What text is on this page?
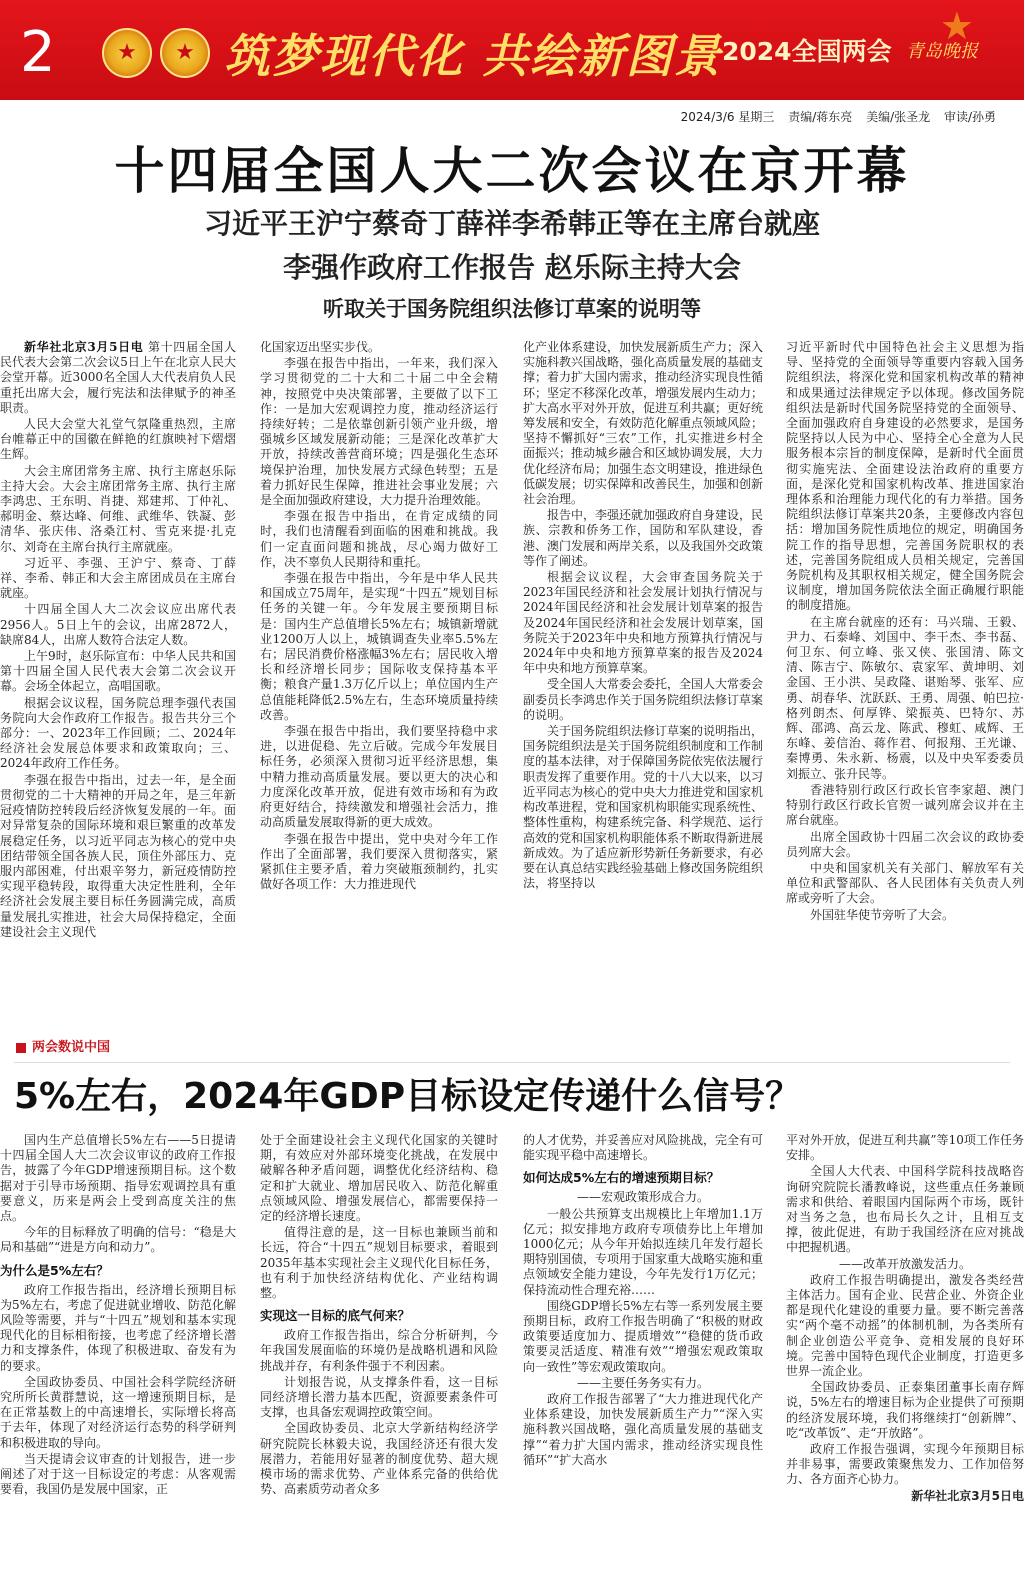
2 ★ ★	筑梦现代化 共绘新图景 2024全国两会 青岛晚报
★
2024/3/6 星期三 责编/蒋东亮 美编/张圣龙 审读/孙勇
十四届全国人大二次会议在京开幕
习近平王沪宁蔡奇丁薛祥李希韩正等在主席台就座
李强作政府工作报告 赵乐际主持大会
听取关于国务院组织法修订草案的说明等

新华社北京3月5日电 第十四届全国人民代表大会第二次会议5日上午在北京人民大会堂开幕。近3000名全国人大代表肩负人民重托出席大会，履行宪法和法律赋予的神圣职责。

人民大会堂大礼堂气氛隆重热烈，主席台帷幕正中的国徽在鲜艳的红旗映衬下熠熠生辉。

大会主席团常务主席、执行主席赵乐际主持大会。大会主席团常务主席、执行主席李鸿忠、王东明、肖捷、郑建邦、丁仲礼、郝明金、蔡达峰、何维、武维华、铁凝、彭清华、张庆伟、洛桑江村、雪克来提·扎克尔、刘奇在主席台执行主席就座。

习近平、李强、王沪宁、蔡奇、丁薛祥、李希、韩正和大会主席团成员在主席台就座。

十四届全国人大二次会议应出席代表2956人。5日上午的会议，出席2872人，缺席84人，出席人数符合法定人数。

上午9时，赵乐际宣布：中华人民共和国第十四届全国人民代表大会第二次会议开幕。会场全体起立，高唱国歌。

根据会议议程，国务院总理李强代表国务院向大会作政府工作报告。报告共分三个部分：一、2023年工作回顾；二、2024年经济社会发展总体要求和政策取向；三、2024年政府工作任务。

李强在报告中指出，过去一年，是全面贯彻党的二十大精神的开局之年，是三年新冠疫情防控转段后经济恢复发展的一年。面对异常复杂的国际环境和艰巨繁重的改革发展稳定任务，以习近平同志为核心的党中央团结带领全国各族人民，顶住外部压力、克服内部困难，付出艰辛努力，新冠疫情防控实现平稳转段，取得重大决定性胜利，全年经济社会发展主要目标任务圆满完成，高质量发展扎实推进，社会大局保持稳定，全面建设社会主义现代

化国家迈出坚实步伐。

李强在报告中指出，一年来，我们深入学习贯彻党的二十大和二十届二中全会精神，按照党中央决策部署，主要做了以下工作：一是加大宏观调控力度，推动经济运行持续好转；二是依靠创新引领产业升级，增强城乡区域发展新动能；三是深化改革扩大开放，持续改善营商环境；四是强化生态环境保护治理，加快发展方式绿色转型；五是着力抓好民生保障，推进社会事业发展；六是全面加强政府建设，大力提升治理效能。

李强在报告中指出，在肯定成绩的同时，我们也清醒看到面临的困难和挑战。我们一定直面问题和挑战，尽心竭力做好工作，决不辜负人民期待和重托。

李强在报告中指出，今年是中华人民共和国成立75周年，是实现“十四五”规划目标任务的关键一年。今年发展主要预期目标是：国内生产总值增长5%左右；城镇新增就业1200万人以上，城镇调查失业率5.5%左右；居民消费价格涨幅3%左右；居民收入增长和经济增长同步；国际收支保持基本平衡；粮食产量1.3万亿斤以上；单位国内生产总值能耗降低2.5%左右，生态环境质量持续改善。

李强在报告中指出，我们要坚持稳中求进，以进促稳、先立后破。完成今年发展目标任务，必须深入贯彻习近平经济思想，集中精力推动高质量发展。要以更大的决心和力度深化改革开放，促进有效市场和有为政府更好结合，持续激发和增强社会活力，推动高质量发展取得新的更大成效。

李强在报告中提出，党中央对今年工作作出了全面部署，我们要深入贯彻落实，紧紧抓住主要矛盾，着力突破瓶颈制约，扎实做好各项工作：大力推进现代

化产业体系建设，加快发展新质生产力；深入实施科教兴国战略，强化高质量发展的基础支撑；着力扩大国内需求，推动经济实现良性循环；坚定不移深化改革，增强发展内生动力；扩大高水平对外开放，促进互利共赢；更好统筹发展和安全，有效防范化解重点领域风险；坚持不懈抓好“三农”工作，扎实推进乡村全面振兴；推动城乡融合和区域协调发展，大力优化经济布局；加强生态文明建设，推进绿色低碳发展；切实保障和改善民生，加强和创新社会治理。

报告中，李强还就加强政府自身建设，民族、宗教和侨务工作，国防和军队建设，香港、澳门发展和两岸关系，以及我国外交政策等作了阐述。

根据会议议程，大会审查国务院关于2023年国民经济和社会发展计划执行情况与2024年国民经济和社会发展计划草案的报告及2024年国民经济和社会发展计划草案，国务院关于2023年中央和地方预算执行情况与2024年中央和地方预算草案的报告及2024年中央和地方预算草案。

受全国人大常委会委托，全国人大常委会副委员长李鸿忠作关于国务院组织法修订草案的说明。

关于国务院组织法修订草案的说明指出，国务院组织法是关于国务院组织制度和工作制度的基本法律，对于保障国务院依宪依法履行职责发挥了重要作用。党的十八大以来，以习近平同志为核心的党中央大力推进党和国家机构改革进程，党和国家机构职能实现系统性、整体性重构，构建系统完备、科学规范、运行高效的党和国家机构职能体系不断取得新进展新成效。为了适应新形势新任务新要求，有必要在认真总结实践经验基础上修改国务院组织法，将坚持以

习近平新时代中国特色社会主义思想为指导、坚持党的全面领导等重要内容载入国务院组织法，将深化党和国家机构改革的精神和成果通过法律规定予以体现。修改国务院组织法是新时代国务院坚持党的全面领导、全面加强政府自身建设的必然要求，是国务院坚持以人民为中心、坚持全心全意为人民服务根本宗旨的制度保障，是新时代全面贯彻实施宪法、全面建设法治政府的重要方面，是深化党和国家机构改革、推进国家治理体系和治理能力现代化的有力举措。国务院组织法修订草案共20条，主要修改内容包括：增加国务院性质地位的规定，明确国务院工作的指导思想，完善国务院职权的表述，完善国务院组成人员相关规定，完善国务院机构及其职权相关规定，健全国务院会议制度，增加国务院依法全面正确履行职能的制度措施。

在主席台就座的还有：马兴瑞、王毅、尹力、石泰峰、刘国中、李干杰、李书磊、何卫东、何立峰、张又侠、张国清、陈文清、陈吉宁、陈敏尔、袁家军、黄坤明、刘金国、王小洪、吴政隆、谌贻琴、张军、应勇、胡春华、沈跃跃、王勇、周强、帕巴拉·格列朗杰、何厚铧、梁振英、巴特尔、苏辉、邵鸿、高云龙、陈武、穆虹、咸辉、王东峰、姜信治、蒋作君、何报翔、王光谦、秦博勇、朱永新、杨震，以及中央军委委员刘振立、张升民等。

香港特别行政区行政长官李家超、澳门特别行政区行政长官贺一诚列席会议并在主席台就座。

出席全国政协十四届二次会议的政协委员列席大会。

中央和国家机关有关部门、解放军有关单位和武警部队、各人民团体有关负责人列席或旁听了大会。

外国驻华使节旁听了大会。

两会数说中国
5%左右，2024年GDP目标设定传递什么信号？

国内生产总值增长5%左右——5日提请十四届全国人大二次会议审议的政府工作报告，披露了今年GDP增速预期目标。这个数据对于引导市场预期、指导宏观调控具有重要意义，历来是两会上受到高度关注的焦点。

今年的目标释放了明确的信号：“稳是大局和基础”“进是方向和动力”。

为什么是5%左右？

政府工作报告指出，经济增长预期目标为5%左右，考虑了促进就业增收、防范化解风险等需要，并与“十四五”规划和基本实现现代化的目标相衔接，也考虑了经济增长潜力和支撑条件，体现了积极进取、奋发有为的要求。

全国政协委员、中国社会科学院经济研究所所长黄群慧说，这一增速预期目标，是在正常基数上的中高速增长，实际增长将高于去年，体现了对经济运行态势的科学研判和积极进取的导向。

当天提请会议审查的计划报告，进一步阐述了对于这一目标设定的考虑：从客观需要看，我国仍是发展中国家，正

处于全面建设社会主义现代化国家的关键时期，有效应对外部环境变化挑战，在发展中破解各种矛盾问题，调整优化经济结构、稳定和扩大就业、增加居民收入、防范化解重点领域风险、增强发展信心，都需要保持一定的经济增长速度。

值得注意的是，这一目标也兼顾当前和长远，符合“十四五”规划目标要求，着眼到2035年基本实现社会主义现代化目标任务，也有利于加快经济结构优化、产业结构调整。

实现这一目标的底气何来？

政府工作报告指出，综合分析研判，今年我国发展面临的环境仍是战略机遇和风险挑战并存，有利条件强于不利因素。

计划报告说，从支撑条件看，这一目标同经济增长潜力基本匹配，资源要素条件可支撑，也具备宏观调控政策空间。

全国政协委员、北京大学新结构经济学研究院院长林毅夫说，我国经济还有很大发展潜力，若能用好显著的制度优势、超大规模市场的需求优势、产业体系完备的供给优势、高素质劳动者众多

的人才优势，并妥善应对风险挑战，完全有可能实现平稳中高速增长。

如何达成5%左右的增速预期目标？

——宏观政策形成合力。

一般公共预算支出规模比上年增加1.1万亿元；拟安排地方政府专项债券比上年增加1000亿元；从今年开始拟连续几年发行超长期特别国债，专项用于国家重大战略实施和重点领域安全能力建设，今年先发行1万亿元；保持流动性合理充裕……

围绕GDP增长5%左右等一系列发展主要预期目标，政府工作报告明确了“积极的财政政策要适度加力、提质增效”“稳健的货币政策要灵活适度、精准有效”“增强宏观政策取向一致性”等宏观政策取向。

——主要任务务实有力。

政府工作报告部署了“大力推进现代化产业体系建设，加快发展新质生产力”“深入实施科教兴国战略，强化高质量发展的基础支撑”“着力扩大国内需求，推动经济实现良性循环”“扩大高水

平对外开放，促进互利共赢”等10项工作任务安排。

全国人大代表、中国科学院科技战略咨询研究院院长潘教峰说，这些重点任务兼顾需求和供给、着眼国内国际两个市场，既针对当务之急，也布局长久之计，且相互支撑，彼此促进，有助于我国经济在应对挑战中把握机遇。

——改革开放激发活力。

政府工作报告明确提出，激发各类经营主体活力。国有企业、民营企业、外资企业都是现代化建设的重要力量。要不断完善落实“两个毫不动摇”的体制机制，为各类所有制企业创造公平竞争、竞相发展的良好环境。完善中国特色现代企业制度，打造更多世界一流企业。

全国政协委员、正泰集团董事长南存辉说，5%左右的增速目标为企业提供了可预期的经济发展环境，我们将继续打“创新牌”、吃“改革饭”、走“开放路”。

政府工作报告强调，实现今年预期目标并非易事，需要政策聚焦发力、工作加倍努力、各方面齐心协力。

新华社北京3月5日电
